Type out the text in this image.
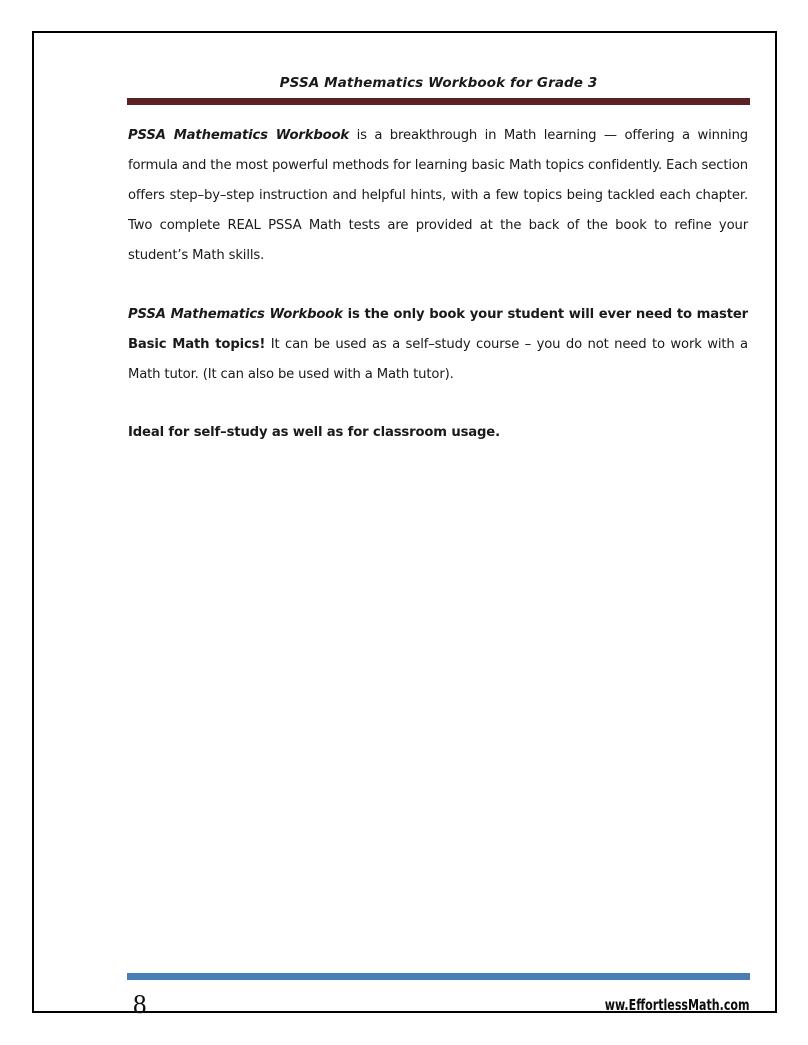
PSSA Mathematics Workbook for Grade 3

PSSA Mathematics Workbook is a breakthrough in Math learning — offering a winning formula and the most powerful methods for learning basic Math topics confidently. Each section offers step–by–step instruction and helpful hints, with a few topics being tackled each chapter. Two complete REAL PSSA Math tests are provided at the back of the book to refine your student’s Math skills.

PSSA Mathematics Workbook is the only book your student will ever need to master Basic Math topics! It can be used as a self–study course – you do not need to work with a Math tutor. (It can also be used with a Math tutor).

Ideal for self–study as well as for classroom usage.

8	ww.EffortlessMath.com
